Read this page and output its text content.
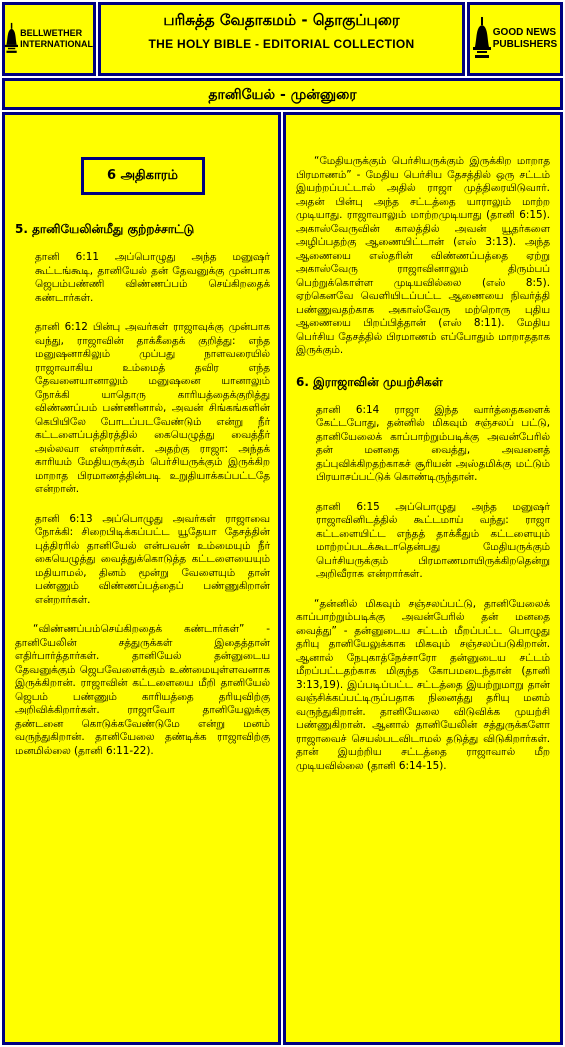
BELLWETHER
INTERNATIONAL
பரிசுத்த வேதாகமம் - தொகுப்புரை
THE HOLY BIBLE - EDITORIAL COLLECTION
GOOD NEWS
PUBLISHERS
தானியேல் - முன்னுரை
6 அதிகாரம்
5. தானியேலின்மீது குற்றச்சாட்டு

தானி 6:11 அப்பொழுது அந்த மனுஷர் கூட்டங்கூடி, தானியேல் தன் தேவனுக்கு முன்பாக ஜெபம்பண்ணி விண்ணப்பம் செய்கிறதைக் கண்டார்கள்.

தானி 6:12 பின்பு அவர்கள் ராஜாவுக்கு முன்பாக வந்து, ராஜாவின் தாக்கீதைக் குறித்து: எந்த மனுஷனாகிலும் முப்பது நாளவரையில் ராஜாவாகிய உம்மைத் தவிர எந்த தேவனையானாலும் மனுஷனை யானாலும் நோக்கி யாதொரு காரியத்தைக்குறித்து விண்ணப்பம் பண்ணினால், அவன் சிங்கங்களின் கெபியிலே போடப்படவேண்டும் என்று நீர் கட்டளைப்பத்திரத்தில் கையெழுத்து வைத்தீர் அல்லவா என்றார்கள். அதற்கு ராஜா: அந்தக் காரியம் மேதியருக்கும் பெர்சியருக்கும் இருக்கிற மாறாத பிரமாணத்தின்படி உறுதியாக்கப்பட்டதே என்றான்.

தானி 6:13 அப்பொழுது அவர்கள் ராஜாவை நோக்கி: சிறைபிடிக்கப்பட்ட யூதேயா தேசத்தின் புத்திரரில் தானியேல் என்பவன் உம்மையும் நீர் கையெழுத்து வைத்துக்கொடுத்த கட்டளையையும் மதியாமல், தினம் மூன்று வேளையும் தான் பண்ணும் விண்ணப்பத்தைப் பண்ணுகிறான் என்றார்கள்.

“விண்ணப்பம்செய்கிறதைக் கண்டார்கள்” - தானியேலின் சத்துருக்கள் இதைத்தான் எதிர்பார்த்தார்கள். தானியேல் தன்னுடைய தேவனுக்கும் ஜெபவேளைக்கும் உண்மையுள்ளவனாக இருக்கிறான். ராஜாவின் கட்டளையை மீறி தானியேல் ஜெபம் பண்ணும் காரியத்தை தரியுவிற்கு அறிவிக்கிறார்கள். ராஜாவோ தானியேலுக்கு தண்டனை கொடுக்கவேண்டுமே என்று மனம் வருந்துகிறான். தானியேலை தண்டிக்க ராஜாவிற்கு மனமில்லை (தானி 6:11-22).

“மேதியருக்கும் பெர்சியருக்கும் இருக்கிற மாறாத பிரமாணம்” - மேதிய பெர்சிய தேசத்தில் ஒரு சட்டம் இயற்றப்பட்டால் அதில் ராஜா முத்திரையிடுவார். அதன் பின்பு அந்த சட்டத்தை யாராலும் மாற்ற முடியாது. ராஜாவாலும் மாற்றமுடியாது (தானி 6:15). அகாஸ்வேருவின் காலத்தில் அவன் யூதர்களை அழிப்பதற்கு ஆணையிட்டான் (எஸ் 3:13). அந்த ஆணையை எஸ்தரின் விண்ணப்பத்தை ஏற்று அகாஸ்வேரு ராஜாவினாலும் திரும்பப் பெற்றுக்கொள்ள முடியவில்லை (எஸ் 8:5). ஏற்கெனவே வெளியிடப்பட்ட ஆணையை நிவர்த்தி பண்ணுவதற்காக அகாஸ்வேரு மற்றொரு புதிய ஆணையை பிறப்பித்தான் (எஸ் 8:11). மேதிய பெர்சிய தேசத்தில் பிரமாணம் எப்போதும் மாறாததாக இருக்கும்.

6. இராஜாவின் முயற்சிகள்

தானி 6:14 ராஜா இந்த வார்த்தைகளைக் கேட்டபோது, தன்னில் மிகவும் சஞ்சலப் பட்டு, தானியேலைக் காப்பாற்றும்படிக்கு அவன்பேரில் தன் மனதை வைத்து, அவனைத் தப்புவிக்கிறதற்காகச் சூரியன் அஸ்தமிக்கு மட்டும் பிரயாசப்பட்டுக் கொண்டிருந்தான்.

தானி 6:15 அப்பொழுது அந்த மனுஷர் ராஜாவினிடத்தில் கூட்டமாய் வந்து: ராஜா கட்டளையிட்ட எந்தத் தாக்கீதும் கட்டளையும் மாற்றப்படக்கூடாதென்பது மேதியருக்கும் பெர்சியருக்கும் பிரமாணமாயிருக்கிறதென்று அறிவீராக என்றார்கள்.

“தன்னில் மிகவும் சஞ்சலப்பட்டு, தானியேலைக் காப்பாற்றும்படிக்கு அவன்பேரில் தன் மனதை வைத்து” - தன்னுடைய சட்டம் மீறப்பட்ட பொழுது தரியு தானியேலுக்காக மிகவும் சஞ்சலப்படுகிறான். ஆனால் நேபுகாத்நேச்சாரோ தன்னுடைய சட்டம் மீறப்பட்டதற்காக மிகுந்த கோபமடைந்தான் (தானி 3:13,19). இப்படிப்பட்ட சட்டத்தை இயற்றுமாறு தான் வஞ்சிக்கப்பட்டிருப்பதாக நினைத்து தரியு மனம் வருந்துகிறான். தானியேலை விடுவிக்க முயற்சி பண்ணுகிறான். ஆனால் தானியேலின் சத்துருக்களோ ராஜாவைச் செயல்படவிடாமல் தடுத்து விடுகிறார்கள். தான் இயற்றிய சட்டத்தை ராஜாவால் மீற முடியவில்லை (தானி 6:14-15).
